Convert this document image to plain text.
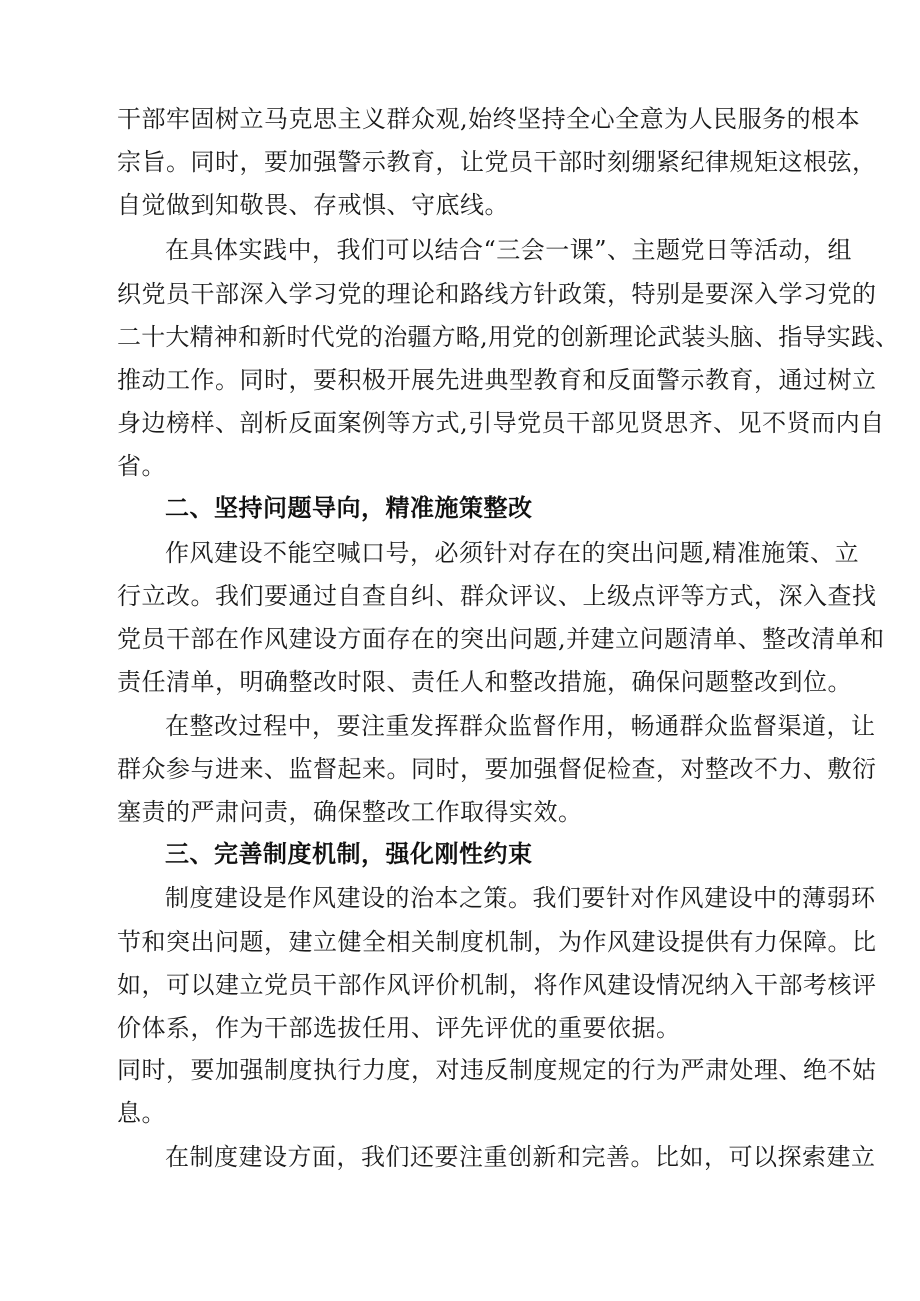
干部牢固树立马克思主义群众观,始终坚持全心全意为人民服务的根本
宗旨。同时，要加强警示教育，让党员干部时刻绷紧纪律规矩这根弦，
自觉做到知敬畏、存戒惧、守底线。
在具体实践中，我们可以结合“三会一课”、主题党日等活动，组
织党员干部深入学习党的理论和路线方针政策，特别是要深入学习党的
二十大精神和新时代党的治疆方略,用党的创新理论武装头脑、指导实践、
推动工作。同时，要积极开展先进典型教育和反面警示教育，通过树立
身边榜样、剖析反面案例等方式,引导党员干部见贤思齐、见不贤而内自
省。
二、坚持问题导向，精准施策整改
作风建设不能空喊口号，必须针对存在的突出问题,精准施策、立
行立改。我们要通过自查自纠、群众评议、上级点评等方式，深入查找
党员干部在作风建设方面存在的突出问题,并建立问题清单、整改清单和
责任清单，明确整改时限、责任人和整改措施，确保问题整改到位。
在整改过程中，要注重发挥群众监督作用，畅通群众监督渠道，让
群众参与进来、监督起来。同时，要加强督促检查，对整改不力、敷衍
塞责的严肃问责，确保整改工作取得实效。
三、完善制度机制，强化刚性约束
制度建设是作风建设的治本之策。我们要针对作风建设中的薄弱环
节和突出问题，建立健全相关制度机制，为作风建设提供有力保障。比
如，可以建立党员干部作风评价机制，将作风建设情况纳入干部考核评
价体系，作为干部选拔任用、评先评优的重要依据。
同时，要加强制度执行力度，对违反制度规定的行为严肃处理、绝不姑
息。
在制度建设方面，我们还要注重创新和完善。比如，可以探索建立
